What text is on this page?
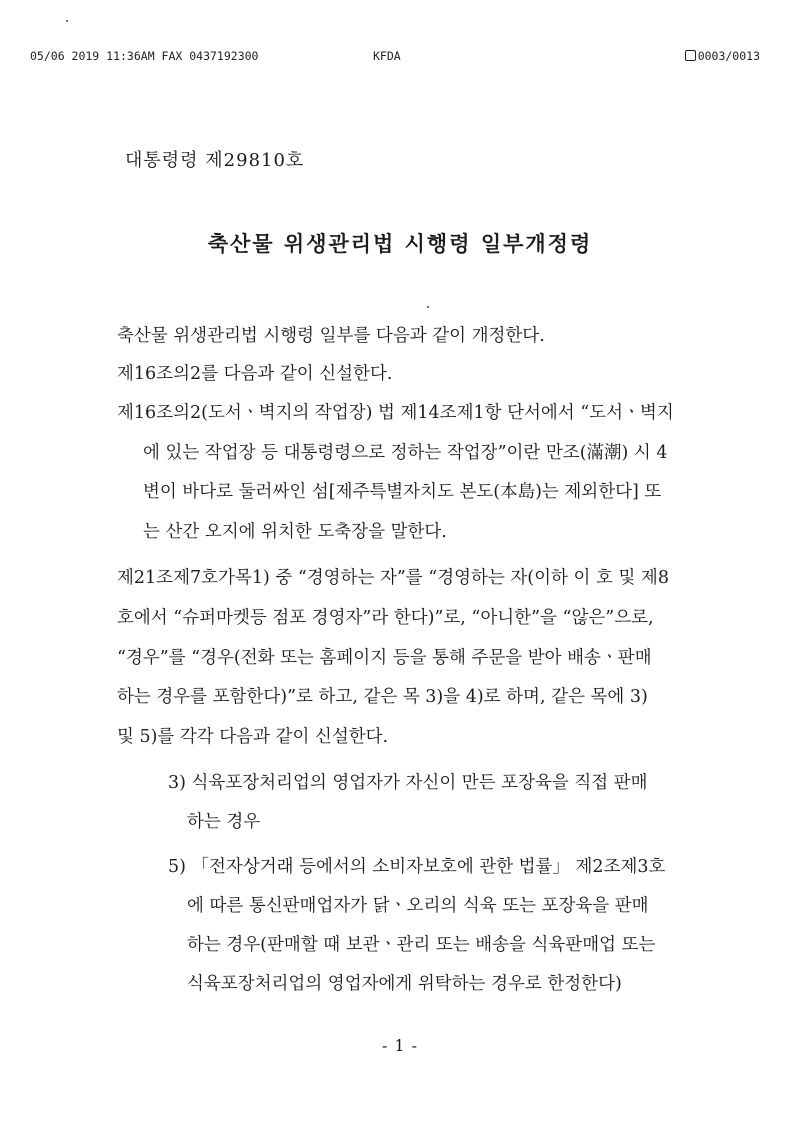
05/06 2019 11:36AM FAX 0437192300	KFDA	0003/0013
대통령령 제29810호
축산물 위생관리법 시행령 일부개정령
축산물 위생관리법 시행령 일부를 다음과 같이 개정한다.
제16조의2를 다음과 같이 신설한다.
제16조의2(도서ㆍ벽지의 작업장) 법 제14조제1항 단서에서 “도서ㆍ벽지
에 있는 작업장 등 대통령령으로 정하는 작업장”이란 만조(滿潮) 시 4
변이 바다로 둘러싸인 섬[제주특별자치도 본도(本島)는 제외한다] 또
는 산간 오지에 위치한 도축장을 말한다.
제21조제7호가목1) 중 “경영하는 자”를 “경영하는 자(이하 이 호 및 제8
호에서 “슈퍼마켓등 점포 경영자”라 한다)”로, “아니한”을 “않은”으로,
“경우”를 “경우(전화 또는 홈페이지 등을 통해 주문을 받아 배송ㆍ판매
하는 경우를 포함한다)”로 하고, 같은 목 3)을 4)로 하며, 같은 목에 3)
및 5)를 각각 다음과 같이 신설한다.
3) 식육포장처리업의 영업자가 자신이 만든 포장육을 직접 판매
하는 경우
5) 「전자상거래 등에서의 소비자보호에 관한 법률」 제2조제3호
에 따른 통신판매업자가 닭ㆍ오리의 식육 또는 포장육을 판매
하는 경우(판매할 때 보관ㆍ관리 또는 배송을 식육판매업 또는
식육포장처리업의 영업자에게 위탁하는 경우로 한정한다)
- 1 -
